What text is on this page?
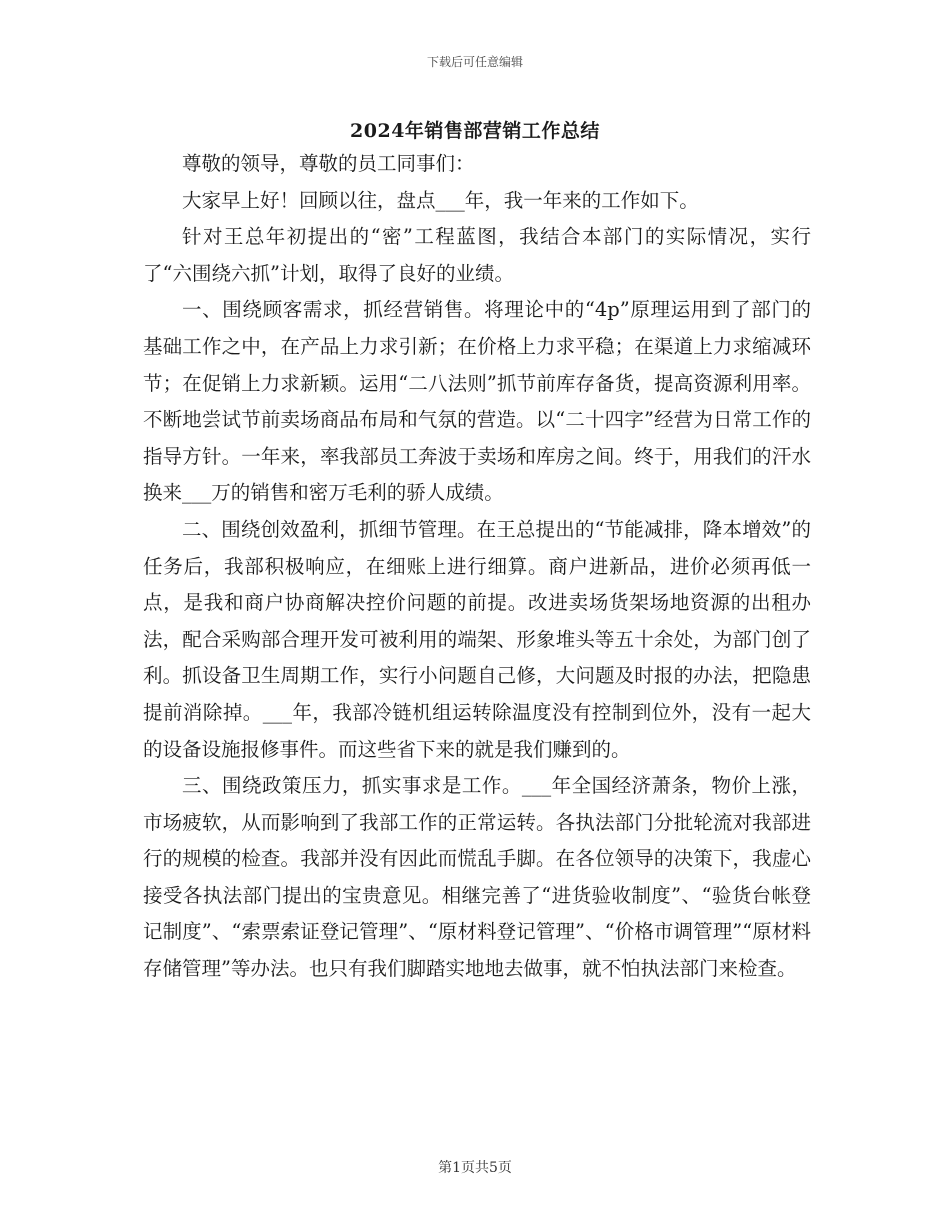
下载后可任意编辑
2024年销售部营销工作总结

尊敬的领导，尊敬的员工同事们：

大家早上好！回顾以往，盘点___年，我一年来的工作如下。

针对王总年初提出的“密”工程蓝图，我结合本部门的实际情况，实行了“六围绕六抓”计划，取得了良好的业绩。

一、围绕顾客需求，抓经营销售。将理论中的“4p”原理运用到了部门的基础工作之中，在产品上力求引新；在价格上力求平稳；在渠道上力求缩减环节；在促销上力求新颖。运用“二八法则”抓节前库存备货，提高资源利用率。不断地尝试节前卖场商品布局和气氛的营造。以“二十四字”经营为日常工作的指导方针。一年来，率我部员工奔波于卖场和库房之间。终于，用我们的汗水换来___万的销售和密万毛利的骄人成绩。

二、围绕创效盈利，抓细节管理。在王总提出的“节能减排，降本增效”的任务后，我部积极响应，在细账上进行细算。商户进新品，进价必须再低一点，是我和商户协商解决控价问题的前提。改进卖场货架场地资源的出租办法，配合采购部合理开发可被利用的端架、形象堆头等五十余处，为部门创了利。抓设备卫生周期工作，实行小问题自己修，大问题及时报的办法，把隐患提前消除掉。___年，我部冷链机组运转除温度没有控制到位外，没有一起大的设备设施报修事件。而这些省下来的就是我们赚到的。

三、围绕政策压力，抓实事求是工作。___年全国经济萧条，物价上涨，市场疲软，从而影响到了我部工作的正常运转。各执法部门分批轮流对我部进行的规模的检查。我部并没有因此而慌乱手脚。在各位领导的决策下，我虚心接受各执法部门提出的宝贵意见。相继完善了“进货验收制度”、“验货台帐登记制度”、“索票索证登记管理”、“原材料登记管理”、“价格市调管理”“原材料存储管理”等办法。也只有我们脚踏实地地去做事，就不怕执法部门来检查。

第1页共5页
